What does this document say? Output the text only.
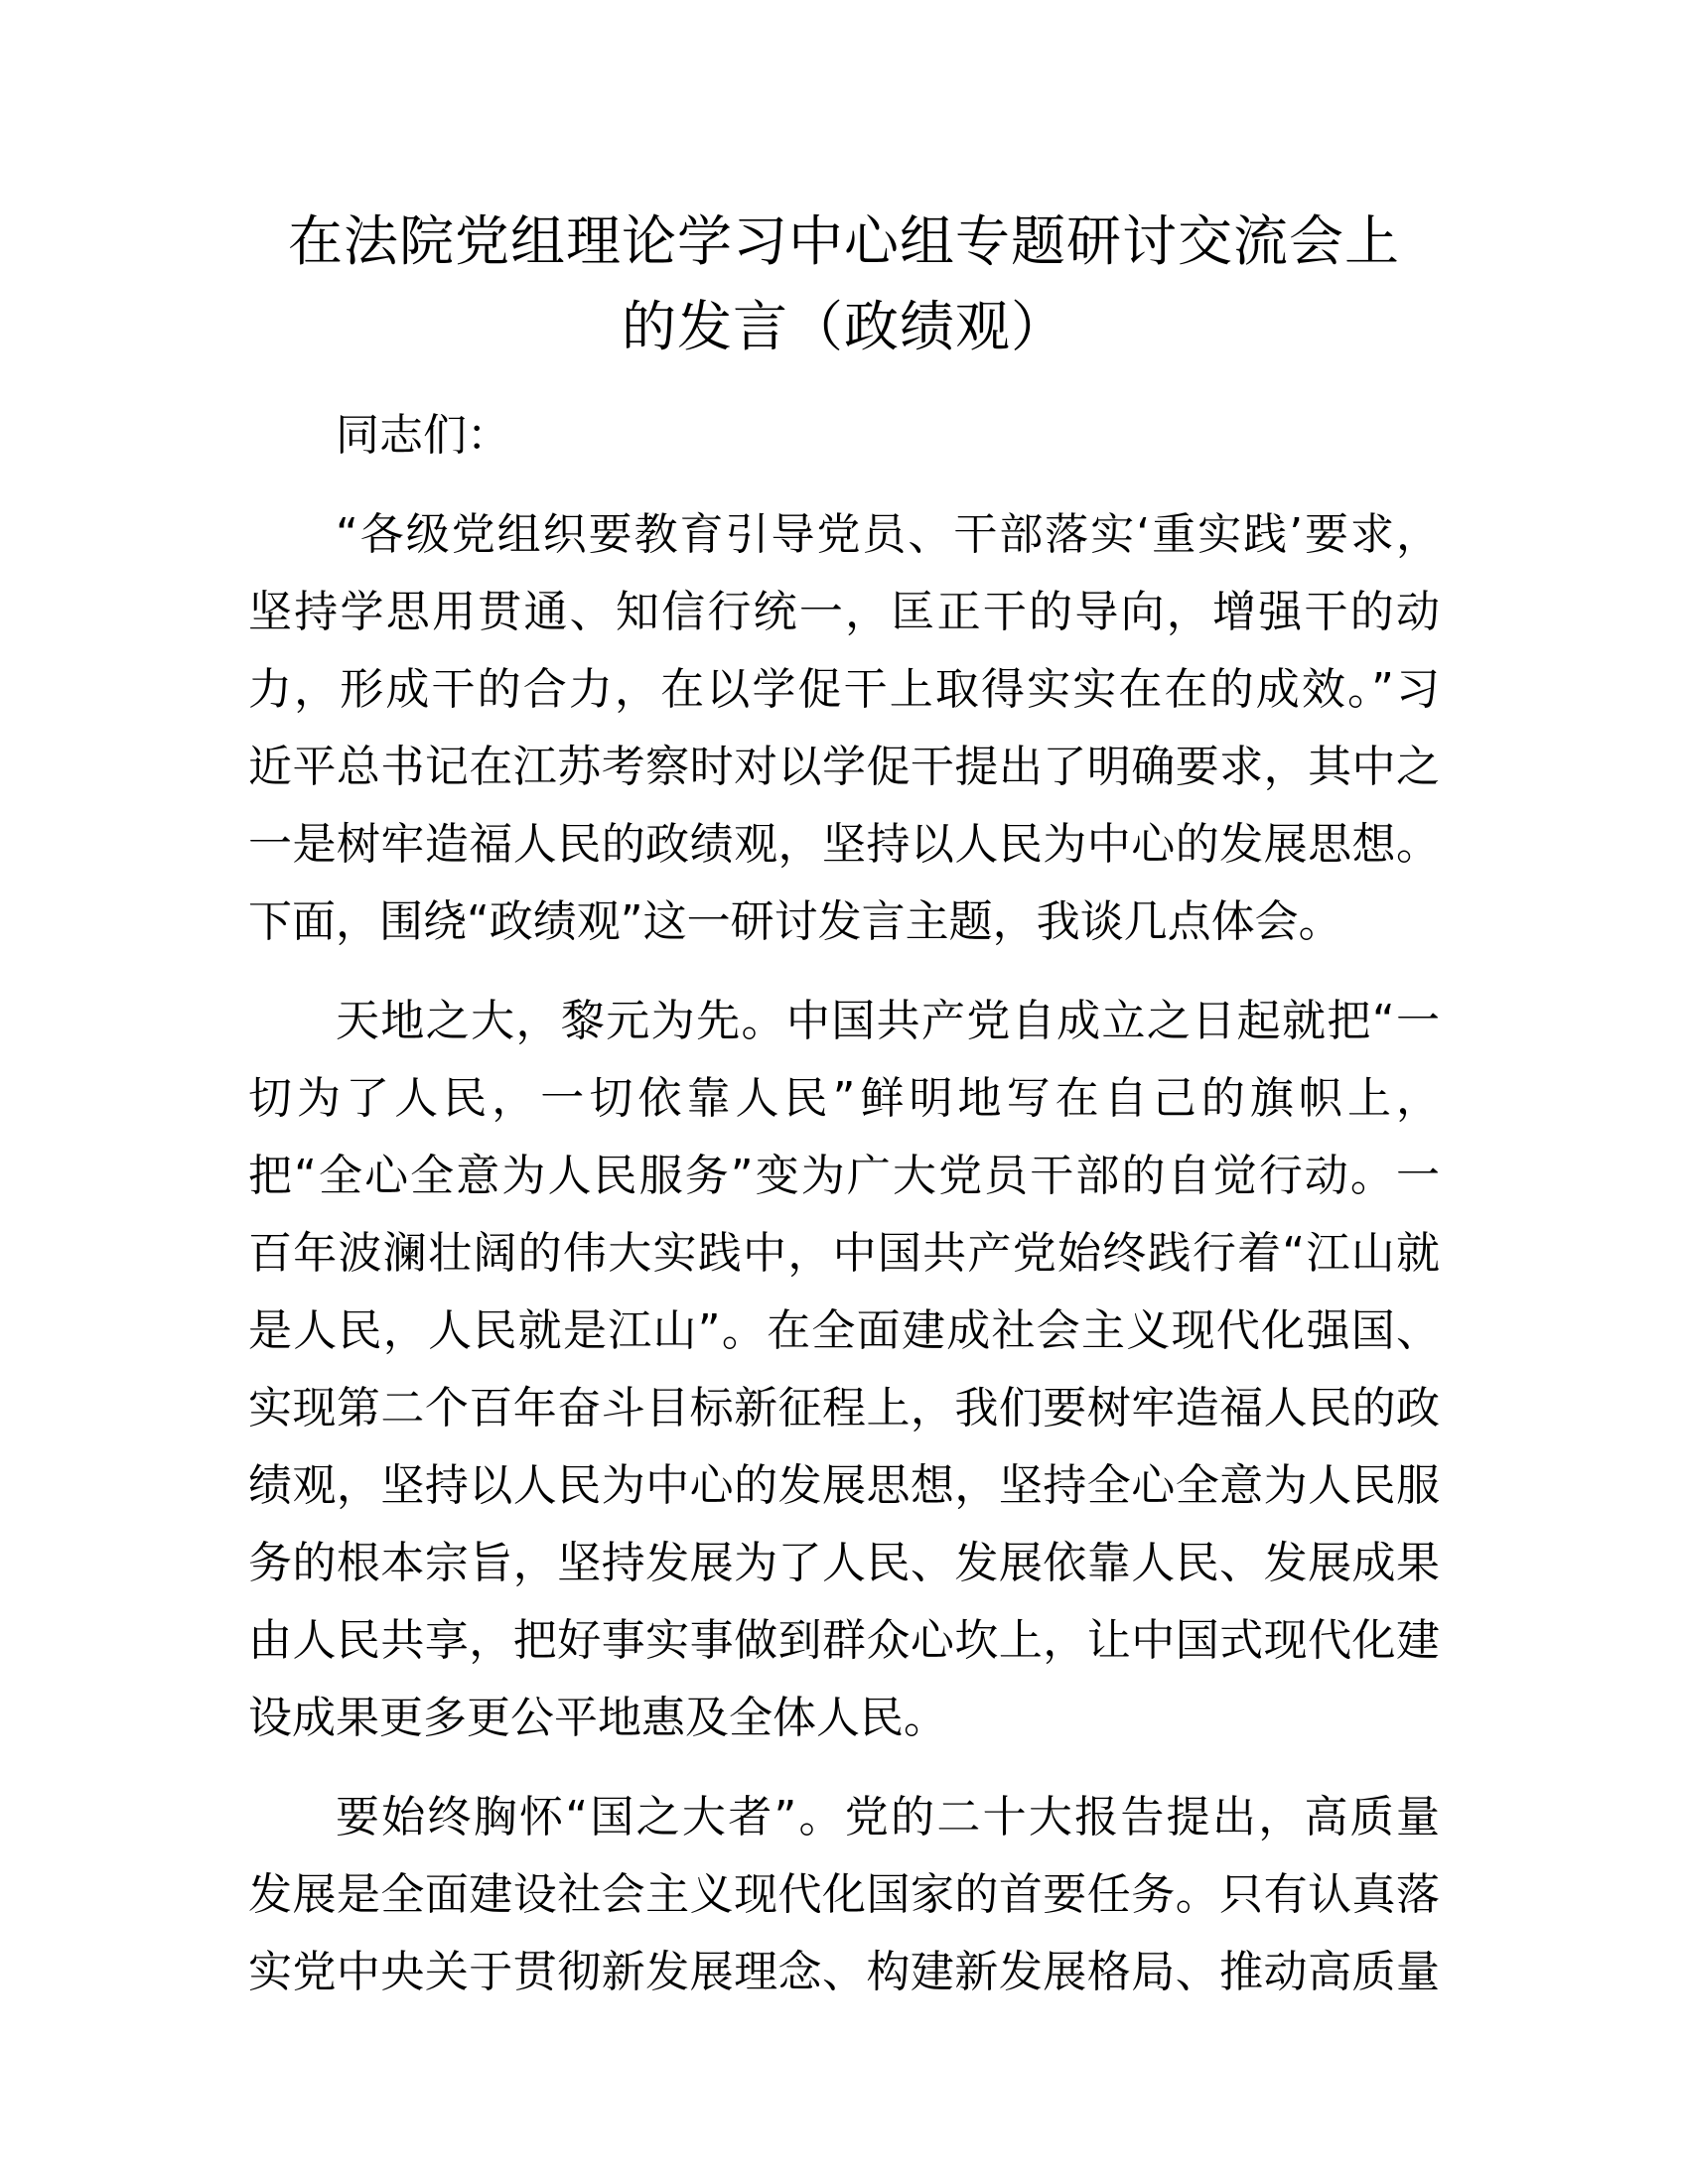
在法院党组理论学习中心组专题研讨交流会上
的发言（政绩观）

同志们：

“各级党组织要教育引导党员、干部落实‘重实践’要求，
坚持学思用贯通、知信行统一，匡正干的导向，增强干的动
力，形成干的合力，在以学促干上取得实实在在的成效。”习
近平总书记在江苏考察时对以学促干提出了明确要求，其中之
一是树牢造福人民的政绩观，坚持以人民为中心的发展思想。
下面，围绕“政绩观”这一研讨发言主题，我谈几点体会。

天地之大，黎元为先。中国共产党自成立之日起就把“一
切为了人民，一切依靠人民”鲜明地写在自己的旗帜上，
把“全心全意为人民服务”变为广大党员干部的自觉行动。一
百年波澜壮阔的伟大实践中，中国共产党始终践行着“江山就
是人民，人民就是江山”。在全面建成社会主义现代化强国、
实现第二个百年奋斗目标新征程上，我们要树牢造福人民的政
绩观，坚持以人民为中心的发展思想，坚持全心全意为人民服
务的根本宗旨，坚持发展为了人民、发展依靠人民、发展成果
由人民共享，把好事实事做到群众心坎上，让中国式现代化建
设成果更多更公平地惠及全体人民。

要始终胸怀“国之大者”。党的二十大报告提出，高质量
发展是全面建设社会主义现代化国家的首要任务。只有认真落
实党中央关于贯彻新发展理念、构建新发展格局、推动高质量
